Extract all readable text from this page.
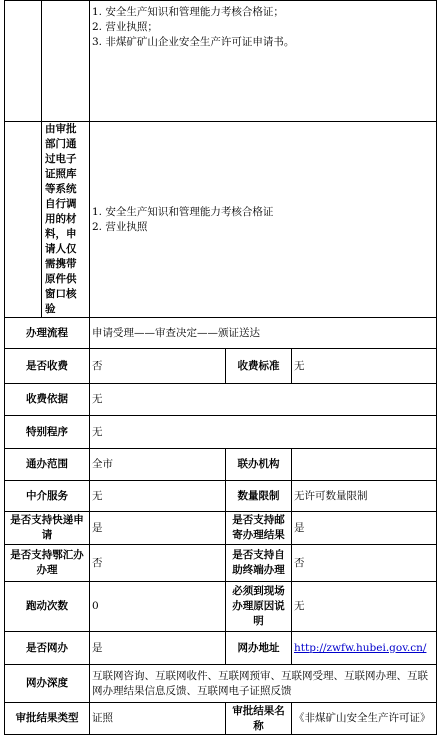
		1. 安全生产知识和管理能力考核合格证；
2. 营业执照；
3. 非煤矿矿山企业安全生产许可证申请书。		

	由审批部门通过电子证照库等系统自行调用的材料，申请人仅需携带原件供窗口核验	1. 安全生产知识和管理能力考核合格证
2. 营业执照		

办理流程		申请受理——审查决定——颁证送达		
是否收费		否	收费标准	无
收费依据		无		
特别程序		无		
通办范围		全市	联办机构	
中介服务		无	数量限制	无许可数量限制
是否支持快递申请		是	是否支持邮寄办理结果	是
是否支持鄂汇办办理		否	是否支持自助终端办理	否
跑动次数		0	必须到现场办理原因说明	无
是否网办		是	网办地址	http://zwfw.hubei.gov.cn/
网办深度		互联网咨询、互联网收件、互联网预审、互联网受理、互联网办理、互联网办理结果信息反馈、互联网电子证照反馈		
审批结果类型		证照	审批结果名称	《非煤矿山安全生产许可证》
